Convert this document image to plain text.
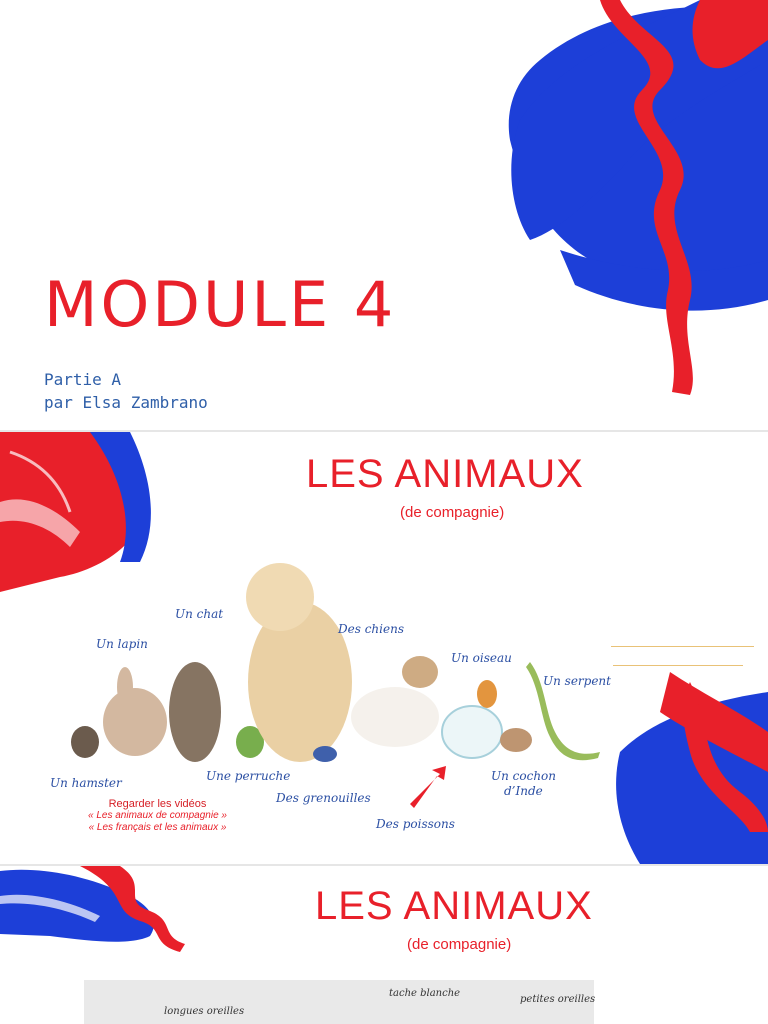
MODULE 4
Partie A
par Elsa Zambrano
LES ANIMAUX
(de compagnie)
Un chat
Un lapin
Des chiens
Un oiseau
Un serpent
Un hamster	Une perruche
Des grenouilles
Un cochon
d’Inde
Des poissons
Regarder les vidéos
« Les animaux de compagnie »
« Les français et les animaux »
LES ANIMAUX
(de compagnie)
longues oreilles
tache blanche
petites oreilles
